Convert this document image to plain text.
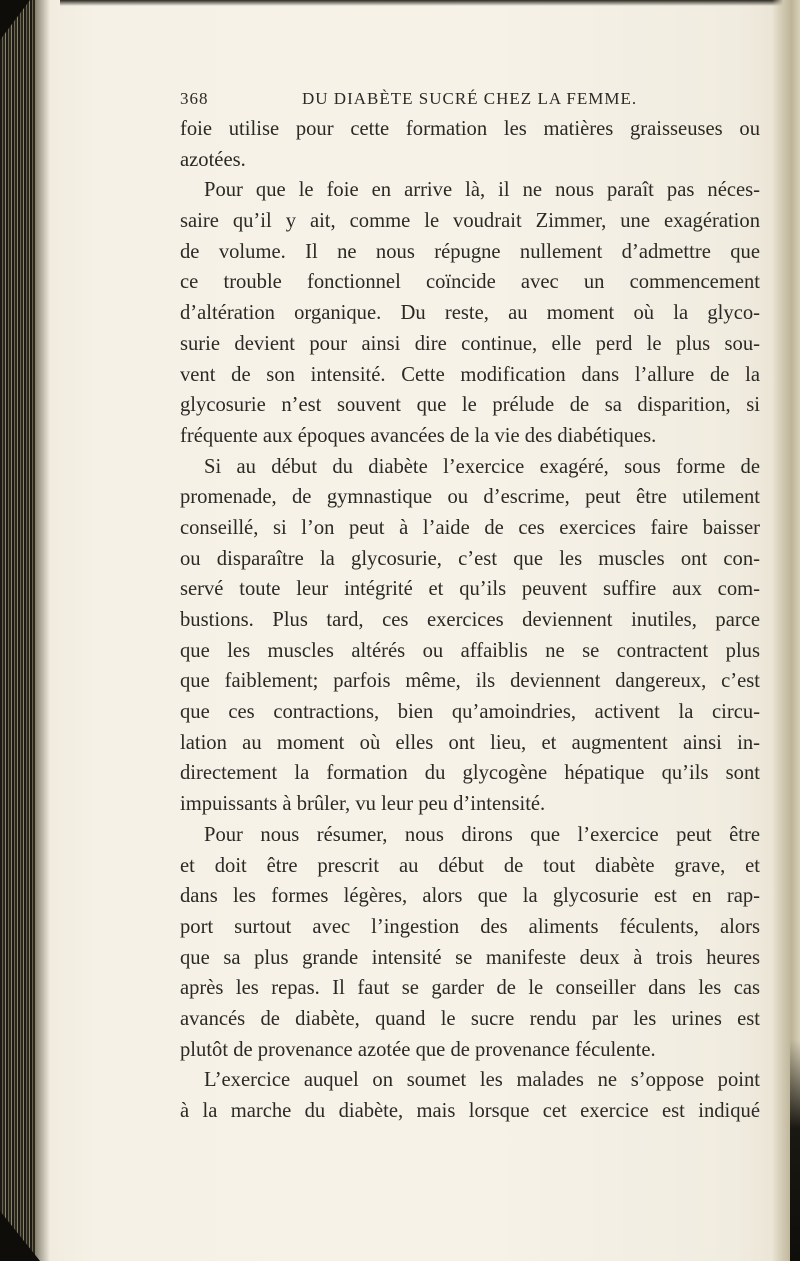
368	DU DIABÈTE SUCRÉ CHEZ LA FEMME.
foie utilise pour cette formation les matières graisseuses ou
azotées.
Pour que le foie en arrive là, il ne nous paraît pas néces-
saire qu’il y ait, comme le voudrait Zimmer, une exagération
de volume. Il ne nous répugne nullement d’admettre que
ce trouble fonctionnel coïncide avec un commencement
d’altération organique. Du reste, au moment où la glyco-
surie devient pour ainsi dire continue, elle perd le plus sou-
vent de son intensité. Cette modification dans l’allure de la
glycosurie n’est souvent que le prélude de sa disparition, si
fréquente aux époques avancées de la vie des diabétiques.
Si au début du diabète l’exercice exagéré, sous forme de
promenade, de gymnastique ou d’escrime, peut être utilement
conseillé, si l’on peut à l’aide de ces exercices faire baisser
ou disparaître la glycosurie, c’est que les muscles ont con-
servé toute leur intégrité et qu’ils peuvent suffire aux com-
bustions. Plus tard, ces exercices deviennent inutiles, parce
que les muscles altérés ou affaiblis ne se contractent plus
que faiblement; parfois même, ils deviennent dangereux, c’est
que ces contractions, bien qu’amoindries, activent la circu-
lation au moment où elles ont lieu, et augmentent ainsi in-
directement la formation du glycogène hépatique qu’ils sont
impuissants à brûler, vu leur peu d’intensité.
Pour nous résumer, nous dirons que l’exercice peut être
et doit être prescrit au début de tout diabète grave, et
dans les formes légères, alors que la glycosurie est en rap-
port surtout avec l’ingestion des aliments féculents, alors
que sa plus grande intensité se manifeste deux à trois heures
après les repas. Il faut se garder de le conseiller dans les cas
avancés de diabète, quand le sucre rendu par les urines est
plutôt de provenance azotée que de provenance féculente.
L’exercice auquel on soumet les malades ne s’oppose point
à la marche du diabète, mais lorsque cet exercice est indiqué
